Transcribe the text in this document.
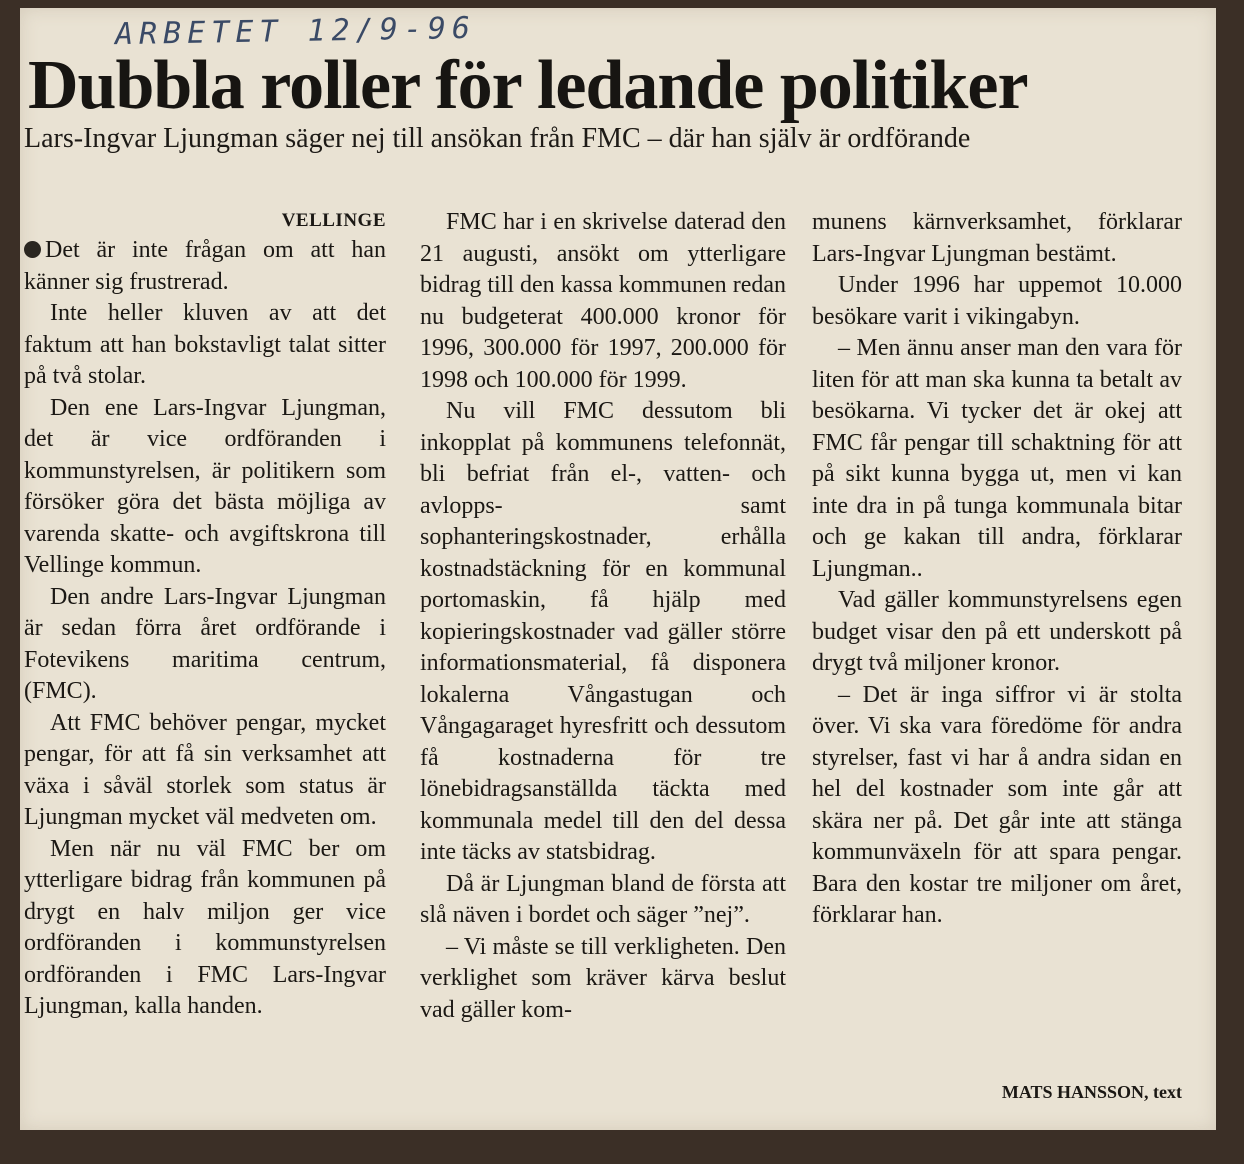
ARBETET 12/9-96
Dubbla roller för ledande politiker

Lars-Ingvar Ljungman säger nej till ansökan från FMC – där han själv är ordförande

VELLINGE

Det är inte frågan om att han känner sig frustrerad.

Inte heller kluven av att det faktum att han bokstavligt talat sitter på två stolar.

Den ene Lars-Ingvar Ljungman, det är vice ordföranden i kommunstyrelsen, är politikern som försöker göra det bästa möjliga av varenda skatte- och avgiftskrona till Vellinge kommun.

Den andre Lars-Ingvar Ljungman är sedan förra året ordförande i Fotevikens maritima centrum, (FMC).

Att FMC behöver pengar, mycket pengar, för att få sin verksamhet att växa i såväl storlek som status är Ljungman mycket väl medveten om.

Men när nu väl FMC ber om ytterligare bidrag från kommunen på drygt en halv miljon ger vice ordföranden i kommunstyrelsen ordföranden i FMC Lars-Ingvar Ljungman, kalla handen.

FMC har i en skrivelse daterad den 21 augusti, ansökt om ytterligare bidrag till den kassa kommunen redan nu budgeterat 400.000 kronor för 1996, 300.000 för 1997, 200.000 för 1998 och 100.000 för 1999.

Nu vill FMC dessutom bli inkopplat på kommunens telefonnät, bli befriat från el-, vatten- och avlopps- samt sophanteringskostnader, erhålla kostnadstäckning för en kommunal portomaskin, få hjälp med kopieringskostnader vad gäller större informationsmaterial, få disponera lokalerna Vångastugan och Vångagaraget hyresfritt och dessutom få kostnaderna för tre lönebidragsanställda täckta med kommunala medel till den del dessa inte täcks av statsbidrag.

Då är Ljungman bland de första att slå näven i bordet och säger ”nej”.

– Vi måste se till verkligheten. Den verklighet som kräver kärva beslut vad gäller kom-

munens kärnverksamhet, förklarar Lars-Ingvar Ljungman bestämt.

Under 1996 har uppemot 10.000 besökare varit i vikingabyn.

– Men ännu anser man den vara för liten för att man ska kunna ta betalt av besökarna. Vi tycker det är okej att FMC får pengar till schaktning för att på sikt kunna bygga ut, men vi kan inte dra in på tunga kommunala bitar och ge kakan till andra, förklarar Ljungman..

Vad gäller kommunstyrelsens egen budget visar den på ett underskott på drygt två miljoner kronor.

– Det är inga siffror vi är stolta över. Vi ska vara föredöme för andra styrelser, fast vi har å andra sidan en hel del kostnader som inte går att skära ner på. Det går inte att stänga kommunväxeln för att spara pengar. Bara den kostar tre miljoner om året, förklarar han.

MATS HANSSON, text
